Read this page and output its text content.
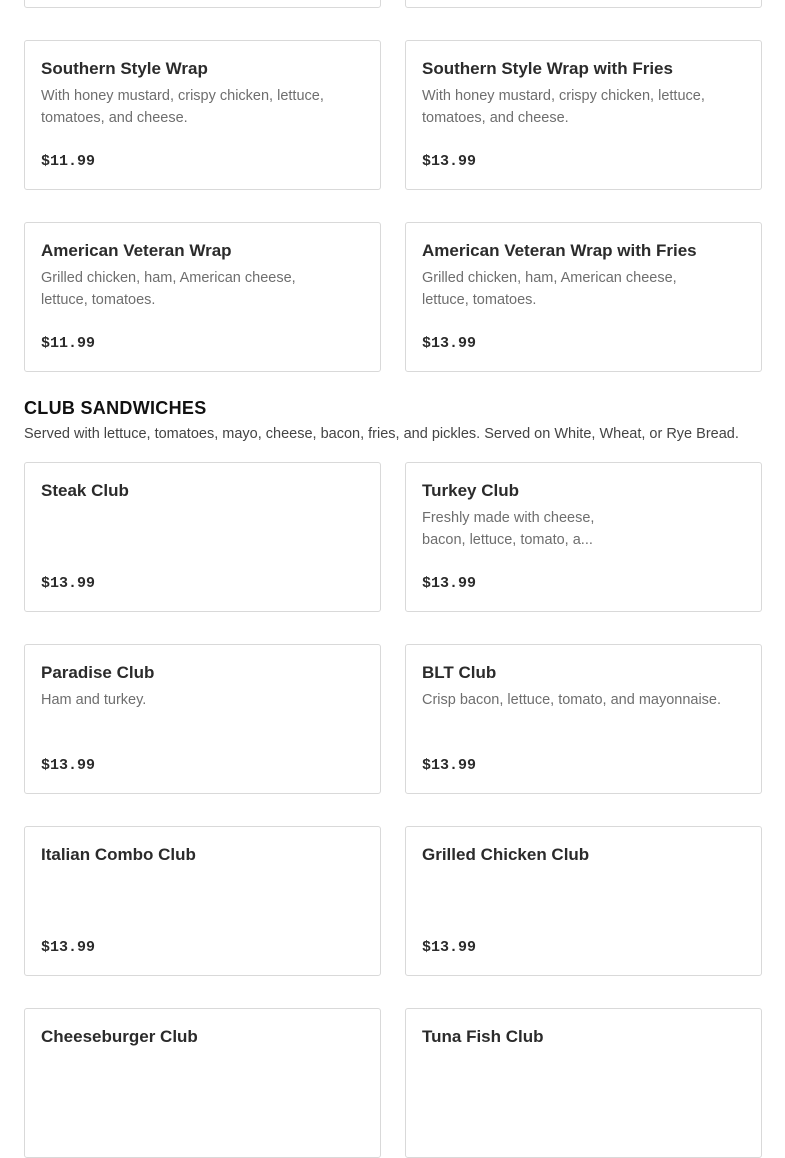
Southern Style Wrap
With honey mustard, crispy chicken, lettuce, tomatoes, and cheese.
$11.99
Southern Style Wrap with Fries
With honey mustard, crispy chicken, lettuce, tomatoes, and cheese.
$13.99
American Veteran Wrap
Grilled chicken, ham, American cheese, lettuce, tomatoes.
$11.99
American Veteran Wrap with Fries
Grilled chicken, ham, American cheese, lettuce, tomatoes.
$13.99
CLUB SANDWICHES

Served with lettuce, tomatoes, mayo, cheese, bacon, fries, and pickles. Served on White, Wheat, or Rye Bread.

Steak Club
$13.99
Turkey Club
Freshly made with cheese, bacon, lettuce, tomato, a...
$13.99
Paradise Club
Ham and turkey.
$13.99
BLT Club
Crisp bacon, lettuce, tomato, and mayonnaise.
$13.99
Italian Combo Club
$13.99
Grilled Chicken Club
$13.99
Cheeseburger Club	Tuna Fish Club
